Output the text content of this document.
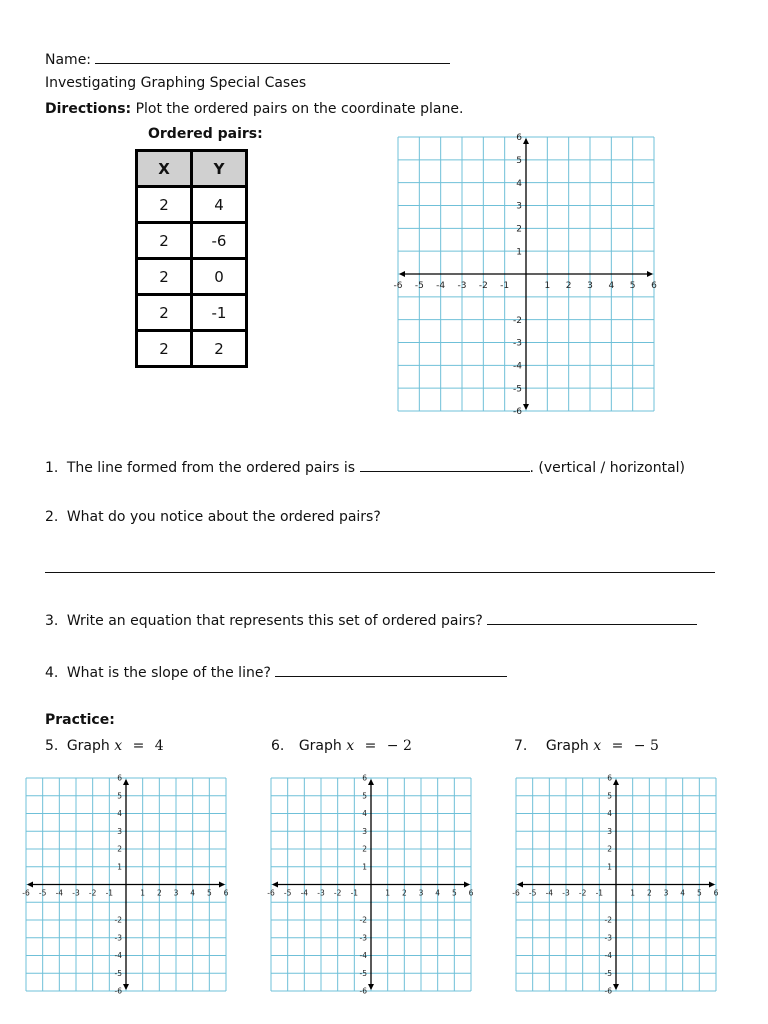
Name:
Investigating Graphing Special Cases
Directions: Plot the ordered pairs on the coordinate plane.
Ordered pairs:
X	Y
2	4
2	-6
2	0
2	-1
2	2
-6 -5 -4 -3 -2 -1	1 2 3 4 5 6
6
5
4
3
2
1
-2
-3
-4
-5
-6
-6 -5 -4 -3 -2 -1	1 2 3 4 5 6
6
5
4
3
2
1
-2
-3
-4
-5
-6
-6 -5 -4 -3 -2 -1	1 2 3 4 5 6
6
5
4
3
2
1
-2
-3
-4
-5
-6
-6 -5 -4 -3 -2 -1	1 2 3 4 5 6
6
5
4
3
2
1
-2
-3
-4
-5
-6
1. The line formed from the ordered pairs is	. (vertical / horizontal)
2. What do you notice about the ordered pairs?
3. Write an equation that represents this set of ordered pairs?
4. What is the slope of the line?
Practice:
5. Graph x = 4	6. Graph x = − 2	7. Graph x = − 5
